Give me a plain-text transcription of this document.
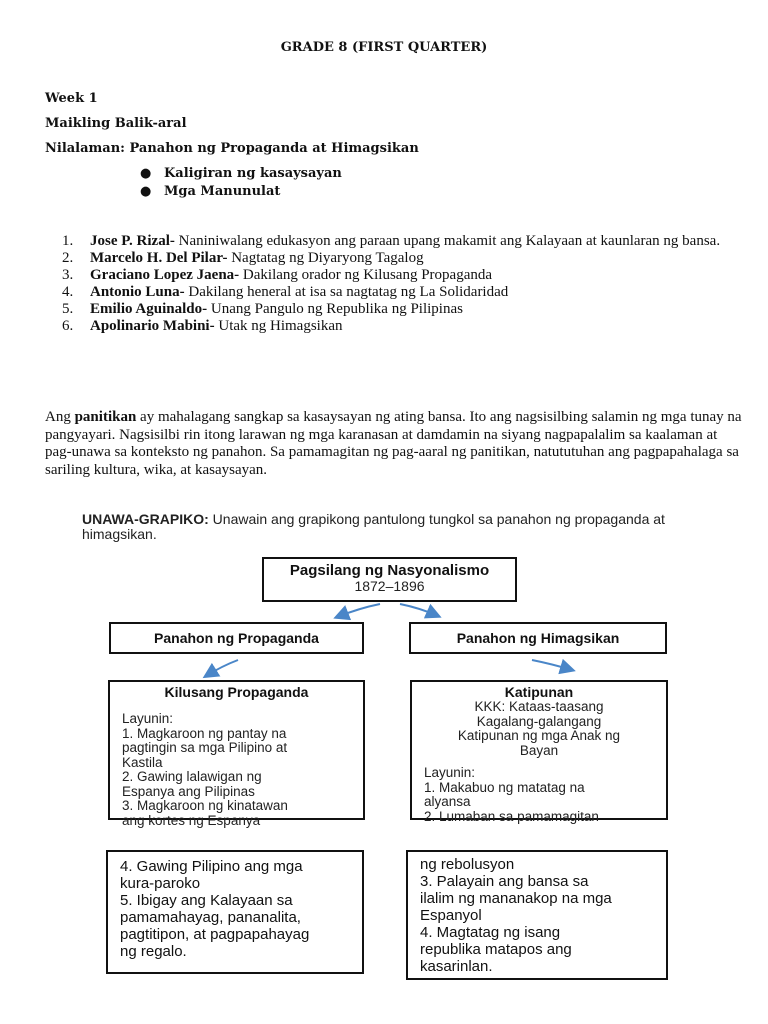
GRADE 8 (FIRST QUARTER)
Week 1
Maikling Balik-aral
Nilalaman: Panahon ng Propaganda at Himagsikan
● Kaligiran ng kasaysayan
● Mga Manunulat
1.	Jose P. Rizal- Naniniwalang edukasyon ang paraan upang makamit ang Kalayaan at kaunlaran ng bansa.
2.	Marcelo H. Del Pilar- Nagtatag ng Diyaryong Tagalog
3.	Graciano Lopez Jaena- Dakilang orador ng Kilusang Propaganda
4.	Antonio Luna- Dakilang heneral at isa sa nagtatag ng La Solidaridad
5.	Emilio Aguinaldo- Unang Pangulo ng Republika ng Pilipinas
6.	Apolinario Mabini- Utak ng Himagsikan
Ang panitikan ay mahalagang sangkap sa kasaysayan ng ating bansa. Ito ang nagsisilbing salamin ng mga tunay na pangyayari. Nagsisilbi rin itong larawan ng mga karanasan at damdamin na siyang nagpapalalim sa kaalaman at pag-unawa sa konteksto ng panahon. Sa pamamagitan ng pag-aaral ng panitikan, natututuhan ang pagpapahalaga sa sariling kultura, wika, at kasaysayan.
UNAWA-GRAPIKO: Unawain ang grapikong pantulong tungkol sa panahon ng propaganda at himagsikan.
Pagsilang ng Nasyonalismo
1872–1896
Panahon ng Propaganda	Panahon ng Himagsikan
Kilusang Propaganda
Layunin:
1. Magkaroon ng pantay na
pagtingin sa mga Pilipino at
Kastila
2. Gawing lalawigan ng
Espanya ang Pilipinas
3. Magkaroon ng kinatawan
ang kortes ng Espanya
Katipunan
KKK: Kataas-taasang
Kagalang-galangang
Katipunan ng mga Anak ng
Bayan
Layunin:
1. Makabuo ng matatag na
alyansa
2. Lumaban sa pamamagitan
4. Gawing Pilipino ang mga
kura-paroko
5. Ibigay ang Kalayaan sa
pamamahayag, pananalita,
pagtitipon, at pagpapahayag
ng regalo.
ng rebolusyon
3. Palayain ang bansa sa
ilalim ng mananakop na mga
Espanyol
4. Magtatag ng isang
republika matapos ang
kasarinlan.
